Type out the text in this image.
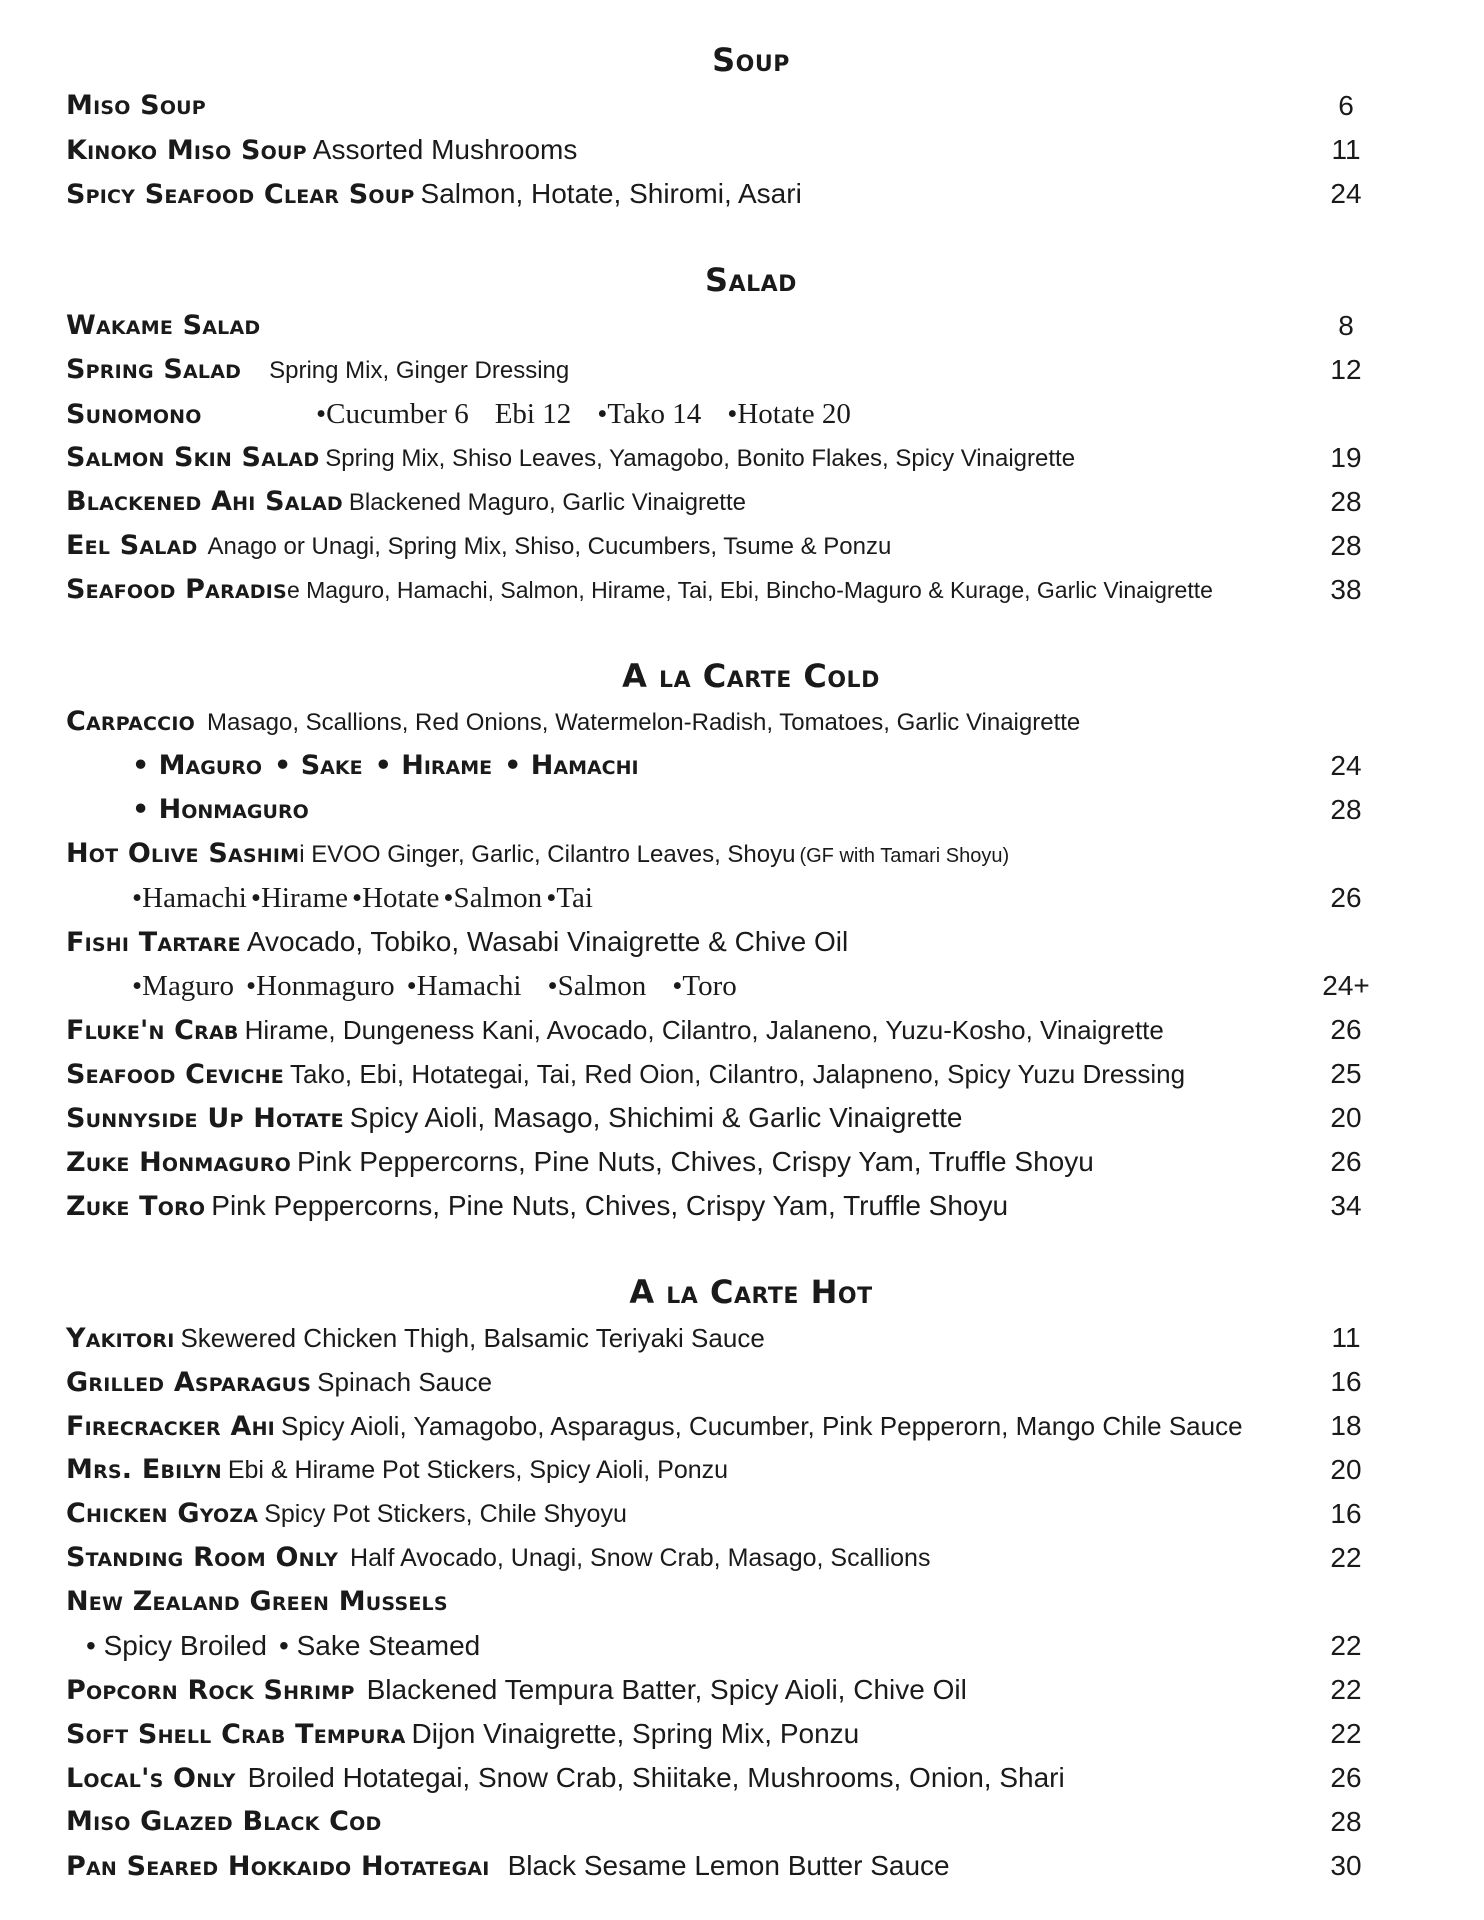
Soup
Miso Soup	6
Kinoko Miso Soup Assorted Mushrooms	11
Spicy Seafood Clear Soup Salmon, Hotate, Shiromi, Asari	24
Salad
Wakame Salad	8
Spring Salad Spring Mix, Ginger Dressing	12
Sunomono	•Cucumber 6 Ebi 12 •Tako 14 •Hotate 20
Salmon Skin Salad Spring Mix, Shiso Leaves, Yamagobo, Bonito Flakes, Spicy Vinaigrette	19
Blackened Ahi Salad Blackened Maguro, Garlic Vinaigrette	28
Eel Salad Anago or Unagi, Spring Mix, Shiso, Cucumbers, Tsume & Ponzu	28
Seafood Paradise Maguro, Hamachi, Salmon, Hirame, Tai, Ebi, Bincho-Maguro & Kurage, Garlic Vinaigrette	38
A la Carte Cold
Carpaccio Masago, Scallions, Red Onions, Watermelon-Radish, Tomatoes, Garlic Vinaigrette
• Maguro • Sake • Hirame • Hamachi	24
• Honmaguro	28
Hot Olive Sashimi EVOO Ginger, Garlic, Cilantro Leaves, Shoyu (GF with Tamari Shoyu)
•Hamachi •Hirame •Hotate •Salmon •Tai	26
Fishi Tartare Avocado, Tobiko, Wasabi Vinaigrette & Chive Oil
•Maguro •Honmaguro •Hamachi •Salmon •Toro	24+
Fluke'n Crab Hirame, Dungeness Kani, Avocado, Cilantro, Jalaneno, Yuzu-Kosho, Vinaigrette	26
Seafood Ceviche Tako, Ebi, Hotategai, Tai, Red Oion, Cilantro, Jalapneno, Spicy Yuzu Dressing	25
Sunnyside Up Hotate Spicy Aioli, Masago, Shichimi & Garlic Vinaigrette	20
Zuke Honmaguro Pink Peppercorns, Pine Nuts, Chives, Crispy Yam, Truffle Shoyu	26
Zuke Toro Pink Peppercorns, Pine Nuts, Chives, Crispy Yam, Truffle Shoyu	34
A la Carte Hot
Yakitori Skewered Chicken Thigh, Balsamic Teriyaki Sauce	11
Grilled Asparagus Spinach Sauce	16
Firecracker Ahi Spicy Aioli, Yamagobo, Asparagus, Cucumber, Pink Pepperorn, Mango Chile Sauce	18
Mrs. Ebilyn Ebi & Hirame Pot Stickers, Spicy Aioli, Ponzu	20
Chicken Gyoza Spicy Pot Stickers, Chile Shyoyu	16
Standing Room Only Half Avocado, Unagi, Snow Crab, Masago, Scallions	22
New Zealand Green Mussels
• Spicy Broiled • Sake Steamed	22
Popcorn Rock Shrimp Blackened Tempura Batter, Spicy Aioli, Chive Oil	22
Soft Shell Crab Tempura Dijon Vinaigrette, Spring Mix, Ponzu	22
Local's Only Broiled Hotategai, Snow Crab, Shiitake, Mushrooms, Onion, Shari	26
Miso Glazed Black Cod	28
Pan Seared Hokkaido Hotategai Black Sesame Lemon Butter Sauce	30
